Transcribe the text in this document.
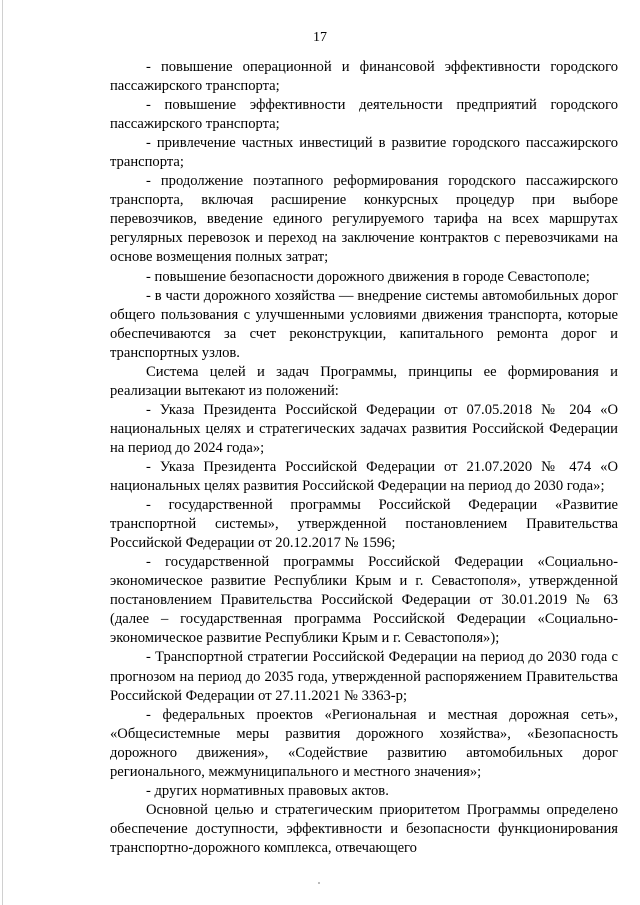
17

- повышение операционной и финансовой эффективности городского пассажирского транспорта;

- повышение эффективности деятельности предприятий городского пассажирского транспорта;

- привлечение частных инвестиций в развитие городского пассажирского транспорта;

- продолжение поэтапного реформирования городского пассажирского транспорта, включая расширение конкурсных процедур при выборе перевозчиков, введение единого регулируемого тарифа на всех маршрутах регулярных перевозок и переход на заключение контрактов с перевозчиками на основе возмещения полных затрат;

- повышение безопасности дорожного движения в городе Севастополе;

- в части дорожного хозяйства — внедрение системы автомобильных дорог общего пользования с улучшенными условиями движения транспорта, которые обеспечиваются за счет реконструкции, капитального ремонта дорог и транспортных узлов.

Система целей и задач Программы, принципы ее формирования и реализации вытекают из положений:

- Указа Президента Российской Федерации от 07.05.2018 № 204 «О национальных целях и стратегических задачах развития Российской Федерации на период до 2024 года»;

- Указа Президента Российской Федерации от 21.07.2020 № 474 «О национальных целях развития Российской Федерации на период до 2030 года»;

- государственной программы Российской Федерации «Развитие транспортной системы», утвержденной постановлением Правительства Российской Федерации от 20.12.2017 № 1596;

- государственной программы Российской Федерации «Социально-экономическое развитие Республики Крым и г. Севастополя», утвержденной постановлением Правительства Российской Федерации от 30.01.2019 № 63 (далее – государственная программа Российской Федерации «Социально-экономическое развитие Республики Крым и г. Севастополя»);

- Транспортной стратегии Российской Федерации на период до 2030 года с прогнозом на период до 2035 года, утвержденной распоряжением Правительства Российской Федерации от 27.11.2021 № 3363-р;

- федеральных проектов «Региональная и местная дорожная сеть», «Общесистемные меры развития дорожного хозяйства», «Безопасность дорожного движения», «Содействие развитию автомобильных дорог регионального, межмуниципального и местного значения»;

- других нормативных правовых актов.

Основной целью и стратегическим приоритетом Программы определено обеспечение доступности, эффективности и безопасности функционирования транспортно-дорожного комплекса, отвечающего
